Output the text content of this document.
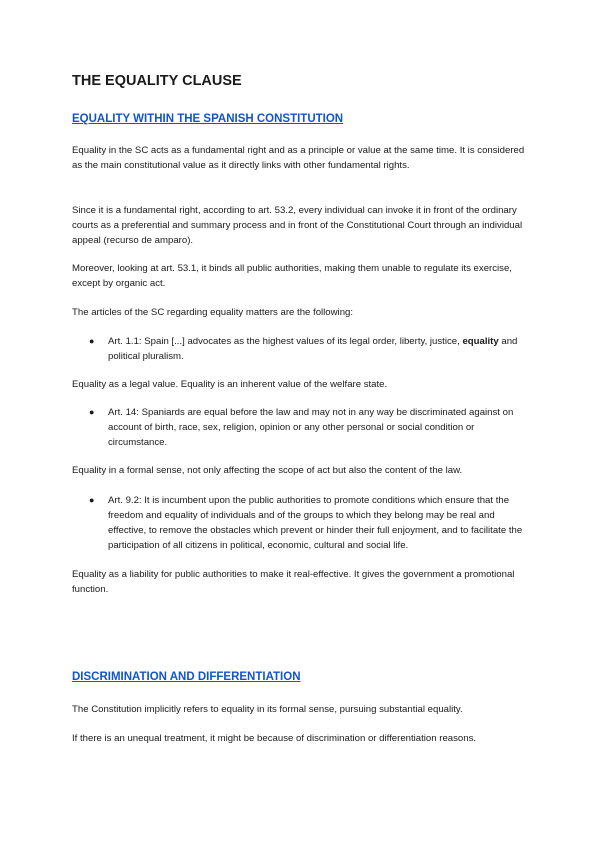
THE EQUALITY CLAUSE
EQUALITY WITHIN THE SPANISH CONSTITUTION

Equality in the SC acts as a fundamental right and as a principle or value at the same time. It is considered as the main constitutional value as it directly links with other fundamental rights.

Since it is a fundamental right, according to art. 53.2, every individual can invoke it in front of the ordinary courts as a preferential and summary process and in front of the Constitutional Court through an individual appeal (recurso de amparo).

Moreover, looking at art. 53.1, it binds all public authorities, making them unable to regulate its exercise, except by organic act.

The articles of the SC regarding equality matters are the following:

● Art. 1.1: Spain [...] advocates as the highest values of its legal order, liberty, justice, equality and political pluralism.

Equality as a legal value. Equality is an inherent value of the welfare state.

● Art. 14: Spaniards are equal before the law and may not in any way be discriminated against on account of birth, race, sex, religion, opinion or any other personal or social condition or circumstance.

Equality in a formal sense, not only affecting the scope of act but also the content of the law.

● Art. 9.2: It is incumbent upon the public authorities to promote conditions which ensure that the freedom and equality of individuals and of the groups to which they belong may be real and effective, to remove the obstacles which prevent or hinder their full enjoyment, and to facilitate the participation of all citizens in political, economic, cultural and social life.

Equality as a liability for public authorities to make it real-effective. It gives the government a promotional function.

DISCRIMINATION AND DIFFERENTIATION

The Constitution implicitly refers to equality in its formal sense, pursuing substantial equality.

If there is an unequal treatment, it might be because of discrimination or differentiation reasons.
